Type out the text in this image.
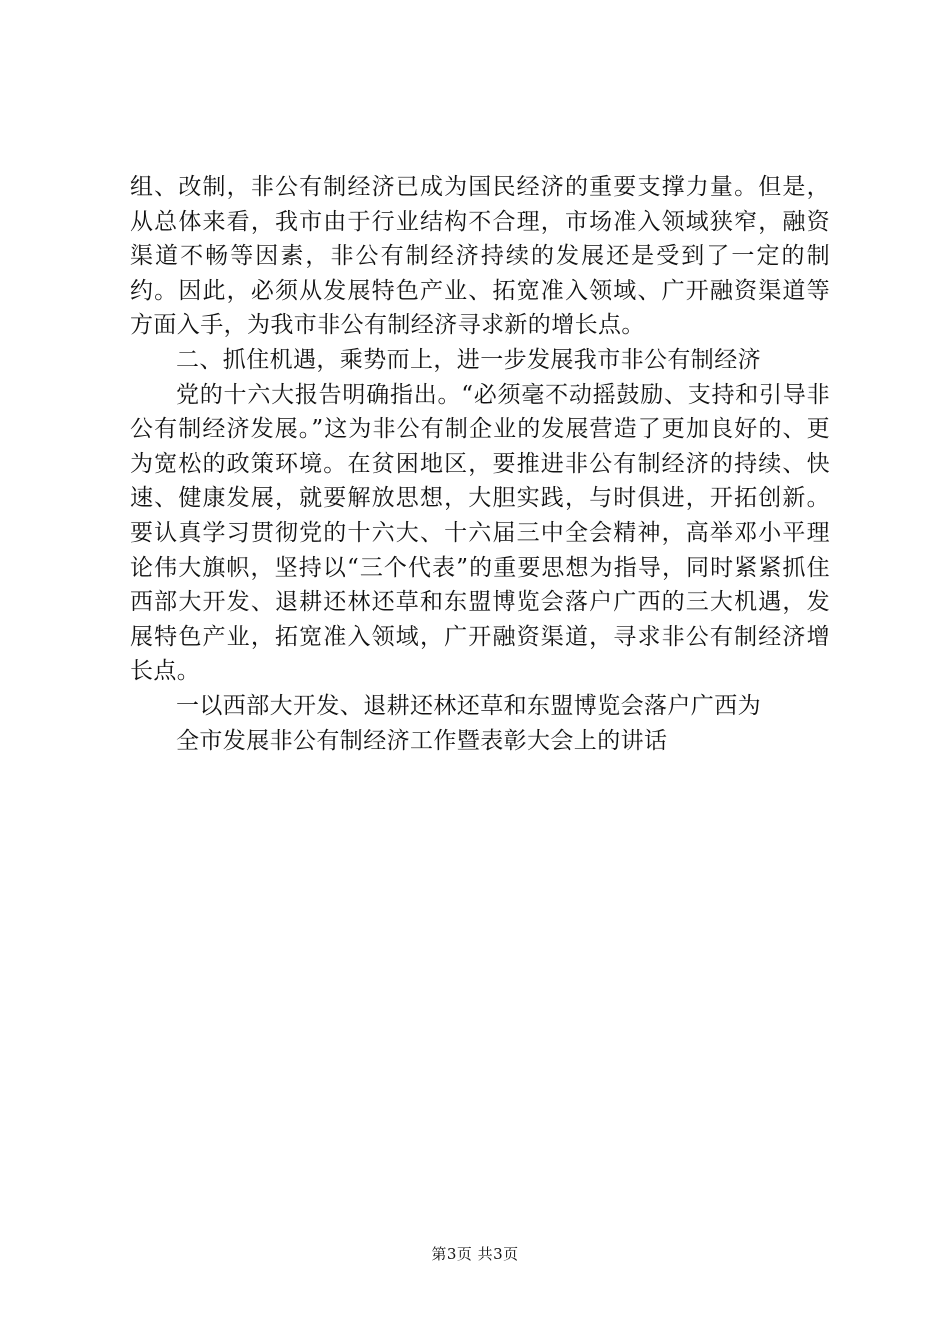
组、改制，非公有制经济已成为国民经济的重要支撑力量。但是，从总体来看，我市由于行业结构不合理，市场准入领域狭窄，融资渠道不畅等因素，非公有制经济持续的发展还是受到了一定的制约。因此，必须从发展特色产业、拓宽准入领域、广开融资渠道等方面入手，为我市非公有制经济寻求新的增长点。

二、抓住机遇，乘势而上，进一步发展我市非公有制经济

党的十六大报告明确指出。“必须毫不动摇鼓励、支持和引导非公有制经济发展。”这为非公有制企业的发展营造了更加良好的、更为宽松的政策环境。在贫困地区，要推进非公有制经济的持续、快速、健康发展，就要解放思想，大胆实践，与时俱进，开拓创新。要认真学习贯彻党的十六大、十六届三中全会精神，高举邓小平理论伟大旗帜，坚持以“三个代表”的重要思想为指导，同时紧紧抓住西部大开发、退耕还林还草和东盟博览会落户广西的三大机遇，发展特色产业，拓宽准入领域，广开融资渠道，寻求非公有制经济增长点。

一以西部大开发、退耕还林还草和东盟博览会落户广西为

全市发展非公有制经济工作暨表彰大会上的讲话

第3页 共3页
